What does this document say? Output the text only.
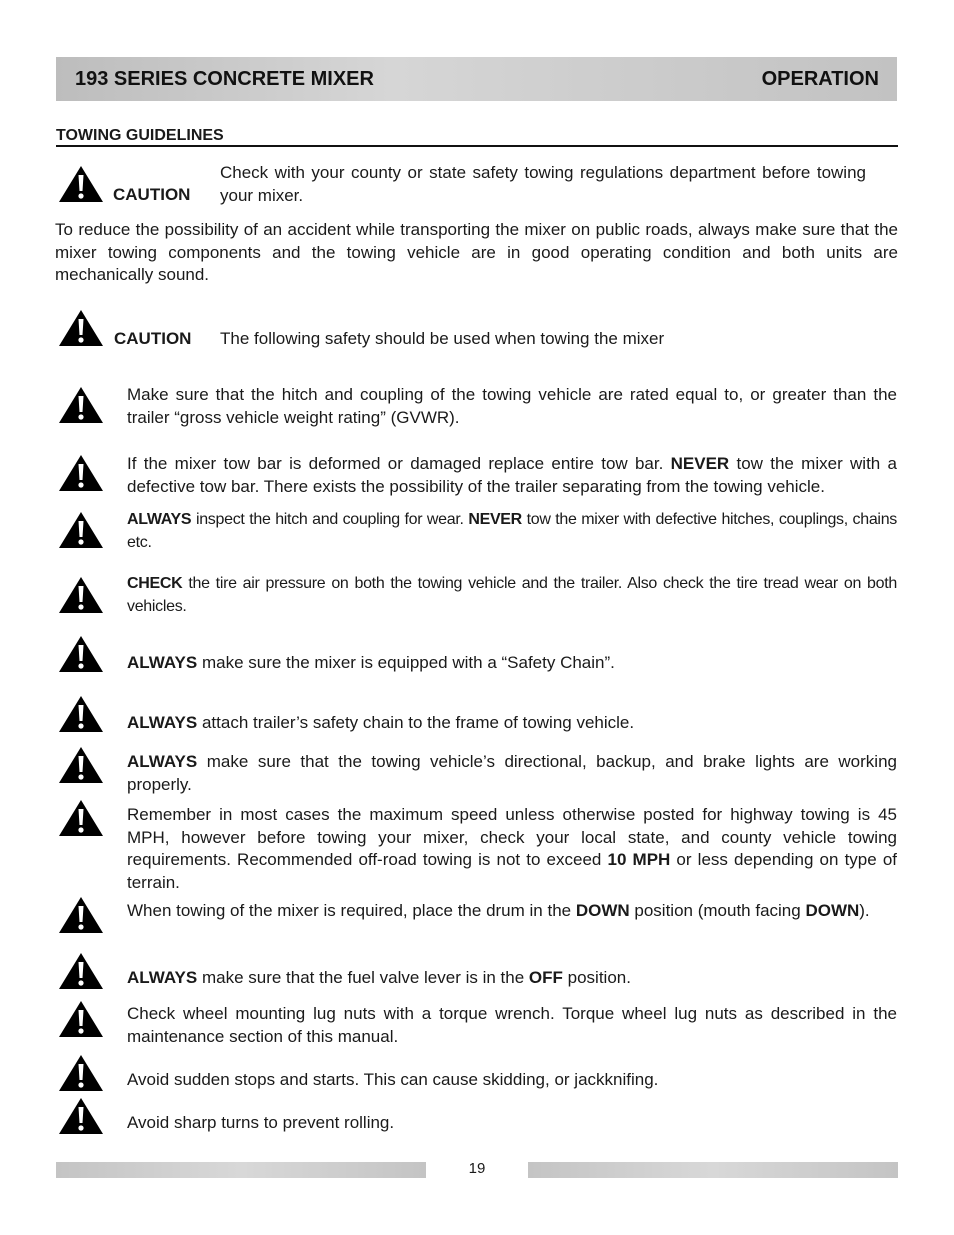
193 SERIES CONCRETE MIXER	OPERATION
TOWING GUIDELINES
CAUTION
Check with your county or state safety towing regulations department before towing your mixer.
To reduce the possibility of an accident while transporting the mixer on public roads, always make sure that the mixer towing components and the towing vehicle are in good operating condition and both units are mechanically sound.
CAUTION The following safety should be used when towing the mixer
Make sure that the hitch and coupling of the towing vehicle are rated equal to, or greater than the trailer “gross vehicle weight rating” (GVWR).
If the mixer tow bar is deformed or damaged replace entire tow bar. NEVER tow the mixer with a defective tow bar. There exists the possibility of the trailer separating from the towing vehicle.
ALWAYS inspect the hitch and coupling for wear. NEVER tow the mixer with defective hitches, couplings, chains etc.
CHECK the tire air pressure on both the towing vehicle and the trailer. Also check the tire tread wear on both vehicles.
ALWAYS make sure the mixer is equipped with a “Safety Chain”.
ALWAYS attach trailer’s safety chain to the frame of towing vehicle.
ALWAYS make sure that the towing vehicle’s directional, backup, and brake lights are working properly.
Remember in most cases the maximum speed unless otherwise posted for highway towing is 45 MPH, however before towing your mixer, check your local state, and county vehicle towing requirements. Recommended off-road towing is not to exceed 10 MPH or less depending on type of terrain.
When towing of the mixer is required, place the drum in the DOWN position (mouth facing DOWN).
ALWAYS make sure that the fuel valve lever is in the OFF position.
Check wheel mounting lug nuts with a torque wrench. Torque wheel lug nuts as described in the maintenance section of this manual.
Avoid sudden stops and starts. This can cause skidding, or jackknifing.
Avoid sharp turns to prevent rolling.
19
